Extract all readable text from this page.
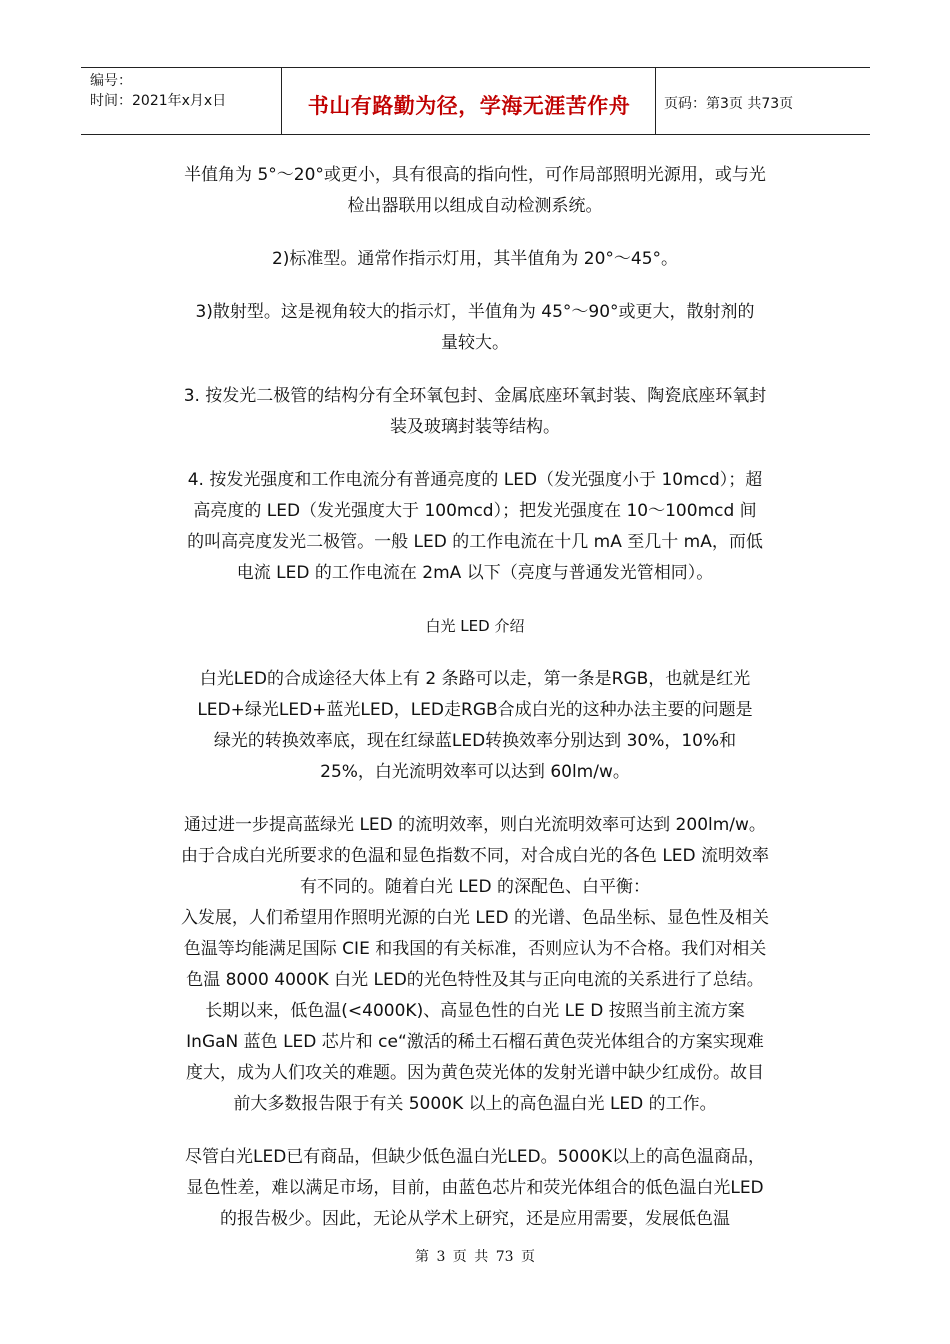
编号：
时间：2021年x月x日	书山有路勤为径，学海无涯苦作舟	页码：第3页 共73页

半值角为 5°～20°或更小，具有很高的指向性，可作局部照明光源用，或与光
检出器联用以组成自动检测系统。

2)标准型。通常作指示灯用，其半值角为 20°～45°。

3)散射型。这是视角较大的指示灯，半值角为 45°～90°或更大，散射剂的
量较大。

3. 按发光二极管的结构分有全环氧包封、金属底座环氧封装、陶瓷底座环氧封
装及玻璃封装等结构。

4. 按发光强度和工作电流分有普通亮度的 LED（发光强度小于 10mcd）；超
高亮度的 LED（发光强度大于 100mcd）；把发光强度在 10～100mcd 间
的叫高亮度发光二极管。一般 LED 的工作电流在十几 mA 至几十 mA，而低
电流 LED 的工作电流在 2mA 以下（亮度与普通发光管相同）。

白光 LED 介绍

白光LED的合成途径大体上有 2 条路可以走，第一条是RGB，也就是红光
LED+绿光LED+蓝光LED，LED走RGB合成白光的这种办法主要的问题是
绿光的转换效率底，现在红绿蓝LED转换效率分别达到 30%，10%和
25%，白光流明效率可以达到 60lm/w。

通过进一步提高蓝绿光 LED 的流明效率，则白光流明效率可达到 200lm/w。
由于合成白光所要求的色温和显色指数不同，对合成白光的各色 LED 流明效率
有不同的。随着白光 LED 的深配色、白平衡：
入发展，人们希望用作照明光源的白光 LED 的光谱、色品坐标、显色性及相关
色温等均能满足国际 CIE 和我国的有关标准，否则应认为不合格。我们对相关
色温 8000 4000K 白光 LED的光色特性及其与正向电流的关系进行了总结。
长期以来，低色温(<4000K)、高显色性的白光 LE D 按照当前主流方案
InGaN 蓝色 LED 芯片和 ce“激活的稀土石榴石黄色荧光体组合的方案实现难
度大，成为人们攻关的难题。因为黄色荧光体的发射光谱中缺少红成份。故目
前大多数报告限于有关 5000K 以上的高色温白光 LED 的工作。

尽管白光LED已有商品，但缺少低色温白光LED。5000K以上的高色温商品，
显色性差，难以满足市场，目前，由蓝色芯片和荧光体组合的低色温白光LED
的报告极少。因此，无论从学术上研究，还是应用需要，发展低色温

第 3 页 共 73 页
